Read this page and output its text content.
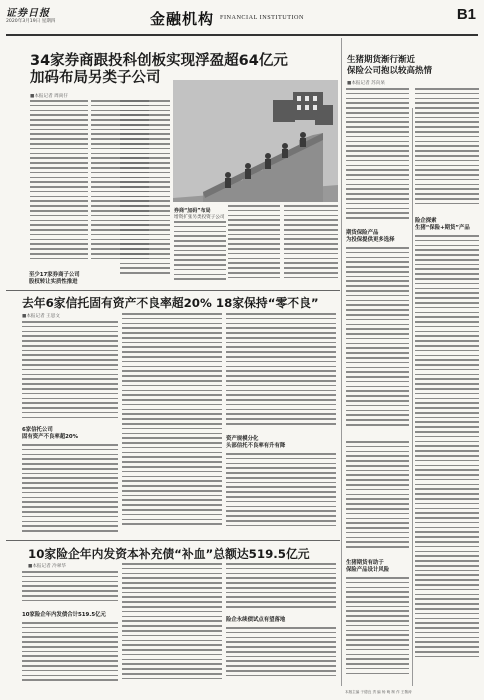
证券日报
2020年3月19日 星期四	金融机构 FINANCIAL INSTITUTION	B1
34家券商跟投科创板实现浮盈超64亿元
加码布局另类子公司
■本报记者 周尚仔
至少17家券商子公司
股权转让实质性推进
券商“加码”布局
增资扩张另类投资子公司
生猪期货渐行渐近
保险公司抱以较高热情
■本报记者 苏向杲
期货保险产品
为投保提供更多选择
生猪期货有助于
保险产品设计风险
险企探索
生猪“保险+期货”产品
去年6家信托固有资产不良率超20% 18家保持“零不良”
■本报记者 王思文
6家信托公司
固有资产不良率超20%	资产规模分化
头部信托不良率有升有降
10家险企年内发资本补充债“补血”总额达519.5亿元
■本报记者 冷翠华
10家险企年内发债合计519.5亿元
险企永续债试点有望落地
本版主编 于德良 责 编 杨 萌 制 作 王敬涛
